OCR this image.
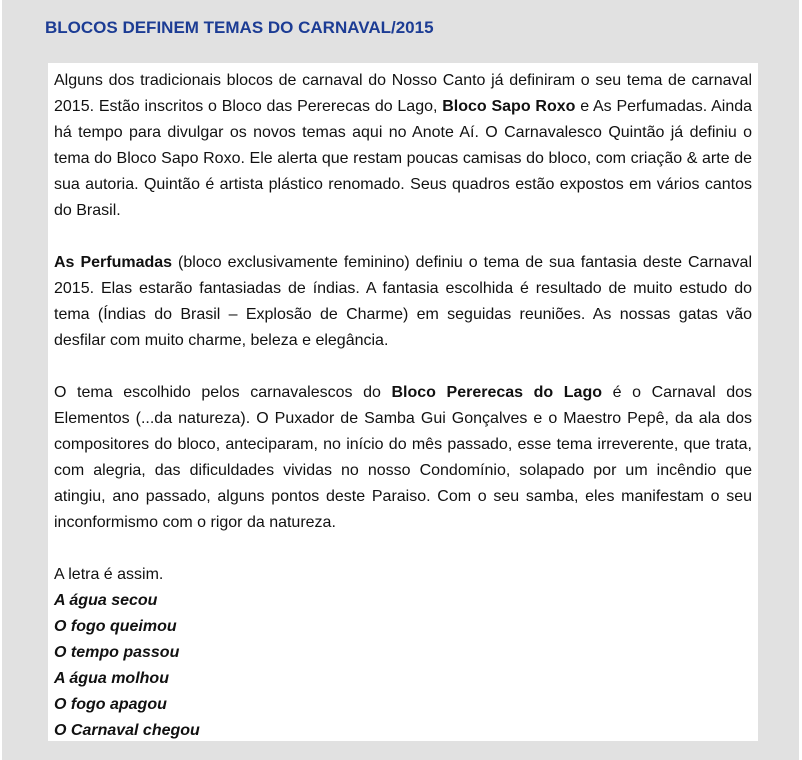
BLOCOS DEFINEM TEMAS DO CARNAVAL/2015

Alguns dos tradicionais blocos de carnaval do Nosso Canto já definiram o seu tema de carnaval 2015. Estão inscritos o Bloco das Pererecas do Lago, Bloco Sapo Roxo e As Perfumadas. Ainda há tempo para divulgar os novos temas aqui no Anote Aí. O Carnavalesco Quintão já definiu o tema do Bloco Sapo Roxo. Ele alerta que restam poucas camisas do bloco, com criação & arte de sua autoria. Quintão é artista plástico renomado. Seus quadros estão expostos em vários cantos do Brasil.

As Perfumadas (bloco exclusivamente feminino) definiu o tema de sua fantasia deste Carnaval 2015. Elas estarão fantasiadas de índias. A fantasia escolhida é resultado de muito estudo do tema (Índias do Brasil – Explosão de Charme) em seguidas reuniões. As nossas gatas vão desfilar com muito charme, beleza e elegância.

O tema escolhido pelos carnavalescos do Bloco Pererecas do Lago é o Carnaval dos Elementos (...da natureza). O Puxador de Samba Gui Gonçalves e o Maestro Pepê, da ala dos compositores do bloco, anteciparam, no início do mês passado, esse tema irreverente, que trata, com alegria, das dificuldades vividas no nosso Condomínio, solapado por um incêndio que atingiu, ano passado, alguns pontos deste Paraiso. Com o seu samba, eles manifestam o seu inconformismo com o rigor da natureza.

A letra é assim.

A água secou
O fogo queimou
O tempo passou
A água molhou
O fogo apagou
O Carnaval chegou
